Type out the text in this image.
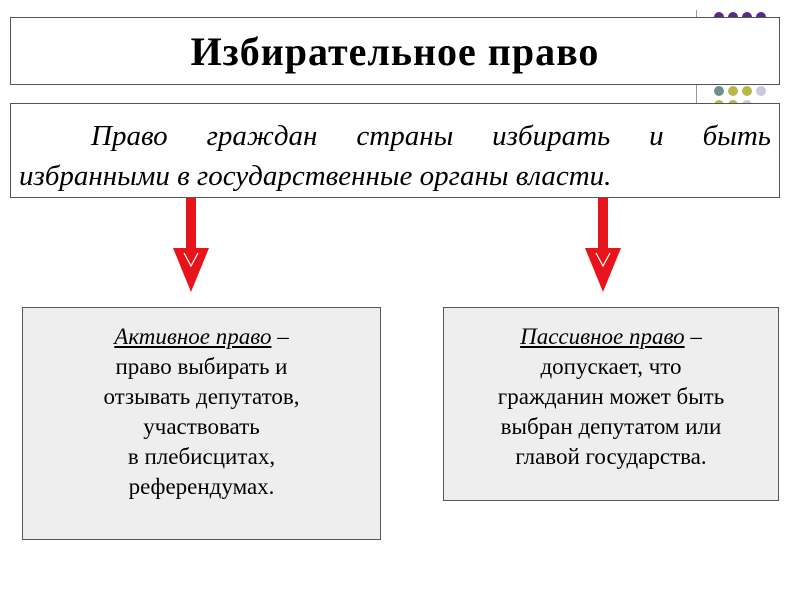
Избирательное право
Право граждан страны избирать и быть
избранными в государственные органы власти.
Активное право –
право выбирать и
отзывать депутатов,
участвовать
в плебисцитах,
референдумах.
Пассивное право –
допускает, что
гражданин может быть
выбран депутатом или
главой государства.
